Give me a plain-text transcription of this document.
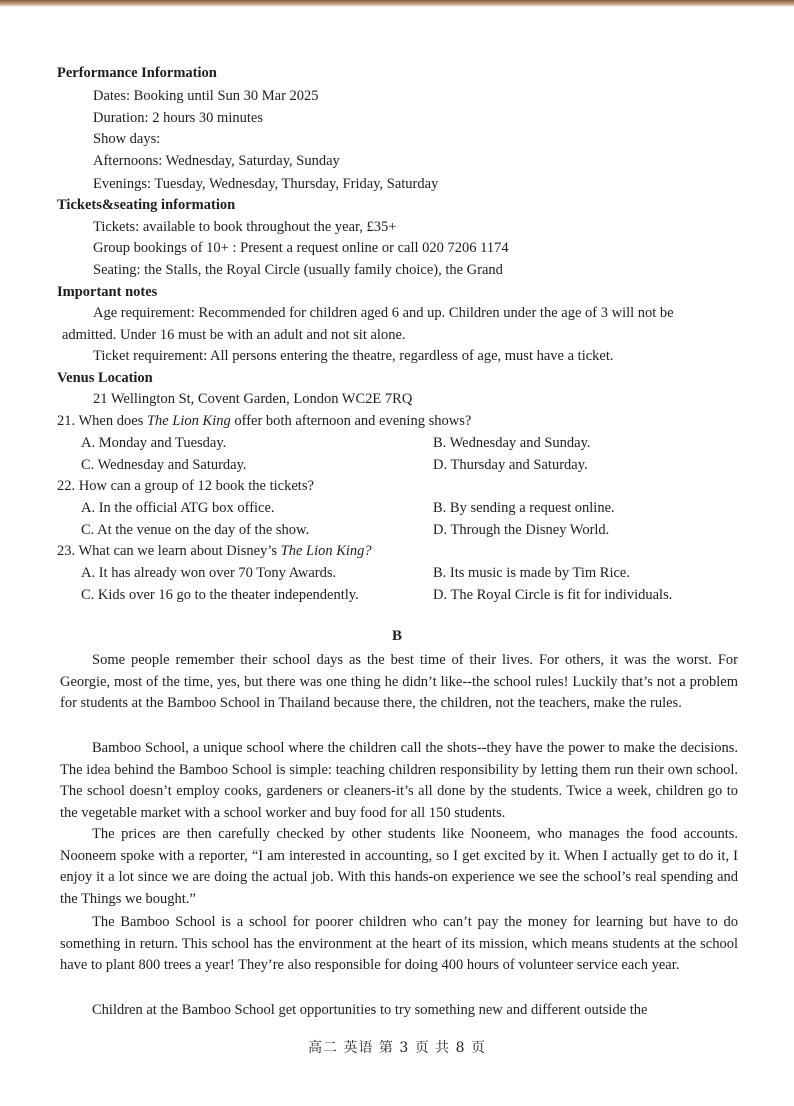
Performance Information
Dates: Booking until Sun 30 Mar 2025
Duration: 2 hours 30 minutes
Show days:
Afternoons: Wednesday, Saturday, Sunday
Evenings: Tuesday, Wednesday, Thursday, Friday, Saturday
Tickets&seating information
Tickets: available to book throughout the year, £35+
Group bookings of 10+ : Present a request online or call 020 7206 1174
Seating: the Stalls, the Royal Circle (usually family choice), the Grand
Important notes
Age requirement: Recommended for children aged 6 and up. Children under the age of 3 will not be
admitted. Under 16 must be with an adult and not sit alone.
Ticket requirement: All persons entering the theatre, regardless of age, must have a ticket.
Venus Location
21 Wellington St, Covent Garden, London WC2E 7RQ
21. When does The Lion King offer both afternoon and evening shows?
A. Monday and Tuesday.	B. Wednesday and Sunday.
C. Wednesday and Saturday.	D. Thursday and Saturday.
22. How can a group of 12 book the tickets?
A. In the official ATG box office.	B. By sending a request online.
C. At the venue on the day of the show.	D. Through the Disney World.
23. What can we learn about Disney’s The Lion King?
A. It has already won over 70 Tony Awards.	B. Its music is made by Tim Rice.
C. Kids over 16 go to the theater independently.	D. The Royal Circle is fit for individuals.
B
Some people remember their school days as the best time of their lives. For others, it was the worst. For Georgie, most of the time, yes, but there was one thing he didn’t like--the school rules! Luckily that’s not a problem for students at the Bamboo School in Thailand because there, the children, not the teachers, make the rules.
Bamboo School, a unique school where the children call the shots--they have the power to make the decisions. The idea behind the Bamboo School is simple: teaching children responsibility by letting them run their own school. The school doesn’t employ cooks, gardeners or cleaners-it’s all done by the students. Twice a week, children go to the vegetable market with a school worker and buy food for all 150 students.
The prices are then carefully checked by other students like Nooneem, who manages the food accounts. Nooneem spoke with a reporter, “I am interested in accounting, so I get excited by it. When I actually get to do it, I enjoy it a lot since we are doing the actual job. With this hands-on experience we see the school’s real spending and the Things we bought.”
The Bamboo School is a school for poorer children who can’t pay the money for learning but have to do something in return. This school has the environment at the heart of its mission, which means students at the school have to plant 800 trees a year! They’re also responsible for doing 400 hours of volunteer service each year.
Children at the Bamboo School get opportunities to try something new and different outside the
高二 英语 第 3 页 共 8 页
